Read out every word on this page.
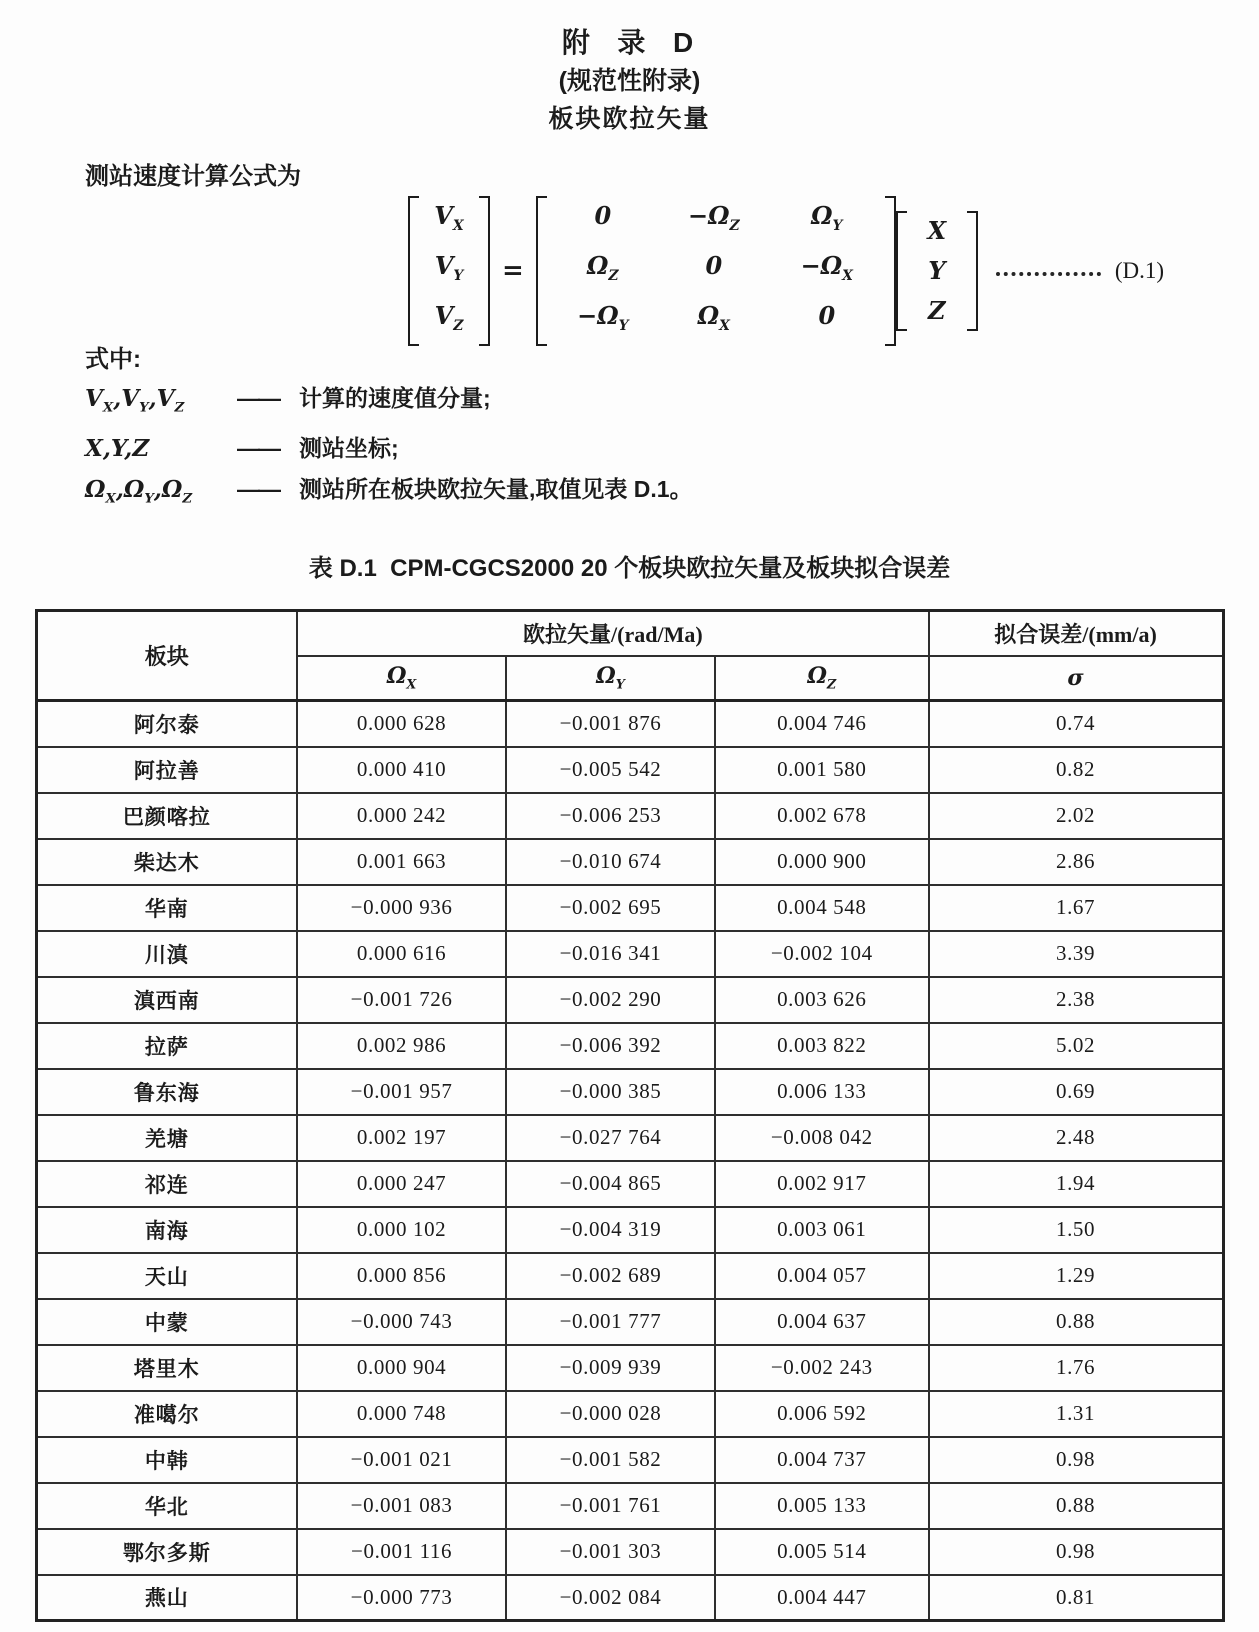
附  录  D
(规范性附录)
板块欧拉矢量
测站速度计算公式为
$V_X$
$V_Y$
$V_Z$
=
0	$-\Omega_Z$	$\Omega_Y$
$\Omega_Z$	0	$-\Omega_X$
$-\Omega_Y$	$\Omega_X$	0
X
Y
Z
(D.1)
式中:
$V_X,V_Y,V_Z$	—— 计算的速度值分量;
X,Y,Z	—— 测站坐标;
$\Omega_X,\Omega_Y,\Omega_Z$	—— 测站所在板块欧拉矢量,取值见表 D.1。
表 D.1  CPM-CGCS2000 20 个板块欧拉矢量及板块拟合误差
板块	欧拉矢量/(rad/Ma)			拟合误差/(mm/a)
	$\Omega_X$	$\Omega_Y$	$\Omega_Z$	σ
阿尔泰	0.000 628	−0.001 876	0.004 746	0.74
阿拉善	0.000 410	−0.005 542	0.001 580	0.82
巴颜喀拉	0.000 242	−0.006 253	0.002 678	2.02
柴达木	0.001 663	−0.010 674	0.000 900	2.86
华南	−0.000 936	−0.002 695	0.004 548	1.67
川滇	0.000 616	−0.016 341	−0.002 104	3.39
滇西南	−0.001 726	−0.002 290	0.003 626	2.38
拉萨	0.002 986	−0.006 392	0.003 822	5.02
鲁东海	−0.001 957	−0.000 385	0.006 133	0.69
羌塘	0.002 197	−0.027 764	−0.008 042	2.48
祁连	0.000 247	−0.004 865	0.002 917	1.94
南海	0.000 102	−0.004 319	0.003 061	1.50
天山	0.000 856	−0.002 689	0.004 057	1.29
中蒙	−0.000 743	−0.001 777	0.004 637	0.88
塔里木	0.000 904	−0.009 939	−0.002 243	1.76
准噶尔	0.000 748	−0.000 028	0.006 592	1.31
中韩	−0.001 021	−0.001 582	0.004 737	0.98
华北	−0.001 083	−0.001 761	0.005 133	0.88
鄂尔多斯	−0.001 116	−0.001 303	0.005 514	0.98
燕山	−0.000 773	−0.002 084	0.004 447	0.81
